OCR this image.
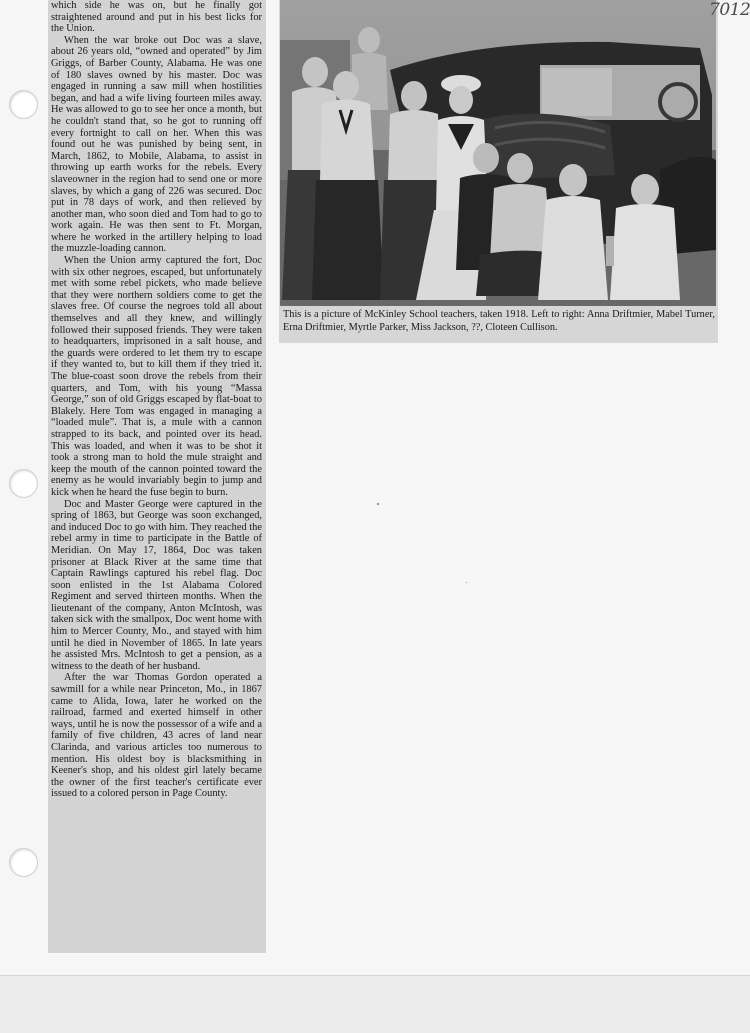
which side he was on, but he finally got straightened around and put in his best licks for the Union.

When the war broke out Doc was a slave, about 26 years old, “owned and operated” by Jim Griggs, of Barber County, Alabama. He was one of 180 slaves owned by his master. Doc was engaged in running a saw mill when hostilities began, and had a wife living fourteen miles away. He was allowed to go to see her once a month, but he couldn't stand that, so he got to running off every fortnight to call on her. When this was found out he was punished by being sent, in March, 1862, to Mobile, Alabama, to assist in throwing up earth works for the rebels. Every slaveowner in the region had to send one or more slaves, by which a gang of 226 was secured. Doc put in 78 days of work, and then relieved by another man, who soon died and Tom had to go to work again. He was then sent to Ft. Morgan, where he worked in the artillery helping to load the muzzle-loading cannon.

When the Union army captured the fort, Doc with six other negroes, escaped, but unfortunately met with some rebel pickets, who made believe that they were northern soldiers come to get the slaves free. Of course the negroes told all about themselves and all they knew, and willingly followed their supposed friends. They were taken to headquarters, imprisoned in a salt house, and the guards were ordered to let them try to escape if they wanted to, but to kill them if they tried it. The blue-coast soon drove the rebels from their quarters, and Tom, with his young “Massa George,” son of old Griggs escaped by flat-boat to Blakely. Here Tom was engaged in managing a “loaded mule”. That is, a mule with a cannon strapped to its back, and pointed over its head. This was loaded, and when it was to be shot it took a strong man to hold the mule straight and keep the mouth of the cannon pointed toward the enemy as he would invariably begin to jump and kick when he heard the fuse begin to burn.

Doc and Master George were captured in the spring of 1863, but George was soon exchanged, and induced Doc to go with him. They reached the rebel army in time to participate in the Battle of Meridian. On May 17, 1864, Doc was taken prisoner at Black River at the same time that Captain Rawlings captured his rebel flag. Doc soon enlisted in the 1st Alabama Colored Regiment and served thirteen months. When the lieutenant of the company, Anton McIntosh, was taken sick with the smallpox, Doc went home with him to Mercer County, Mo., and stayed with him until he died in November of 1865. In late years he assisted Mrs. McIntosh to get a pension, as a witness to the death of her husband.

After the war Thomas Gordon operated a sawmill for a while near Princeton, Mo., in 1867 came to Alida, Iowa, later he worked on the railroad, farmed and exerted himself in other ways, until he is now the possessor of a wife and a family of five children, 43 acres of land near Clarinda, and various articles too numerous to mention. His oldest boy is blacksmithing in Keener's shop, and his oldest girl lately became the owner of the first teacher's certificate ever issued to a colored person in Page County.

This is a picture of McKinley School teachers, taken 1918. Left to right: Anna Driftmier, Mabel Turner, Erna Driftmier, Myrtle Parker, Miss Jackson, ??, Cloteen Cullison.
7012
